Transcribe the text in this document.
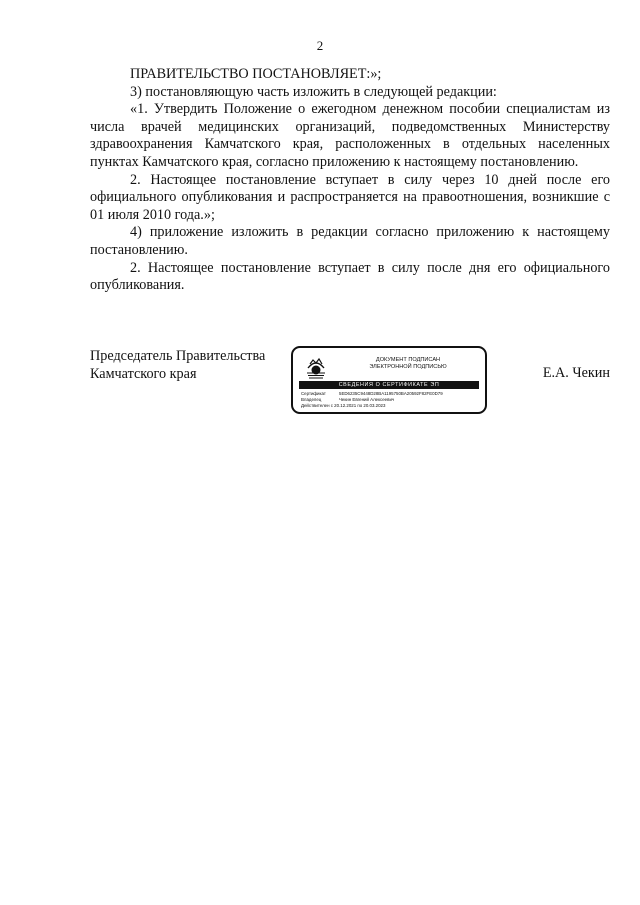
2

ПРАВИТЕЛЬСТВО ПОСТАНОВЛЯЕТ:»;

3) постановляющую часть изложить в следующей редакции:

«1. Утвердить Положение о ежегодном денежном пособии специалистам из числа врачей медицинских организаций, подведомственных Министерству здравоохранения Камчатского края, расположенных в отдельных населенных пунктах Камчатского края, согласно приложению к настоящему постановлению.

2. Настоящее постановление вступает в силу через 10 дней после его официального опубликования и распространяется на правоотношения, возникшие с 01 июля 2010 года.»;

4) приложение изложить в редакции согласно приложению к настоящему постановлению.

2. Настоящее постановление вступает в силу после дня его официального опубликования.

Председатель Правительства
Камчатского края
ДОКУМЕНТ ПОДПИСАН
ЭЛЕКТРОННОЙ ПОДПИСЬЮ
СВЕДЕНИЯ О СЕРТИФИКАТЕ ЭП
Сертификат	5ED6235C9448D28BA1195750BA20592F82FE0D79
Владелец	Чекин Евгений Алексеевич
Действителен с 20.12.2021 по 20.03.2023
Е.А. Чекин
